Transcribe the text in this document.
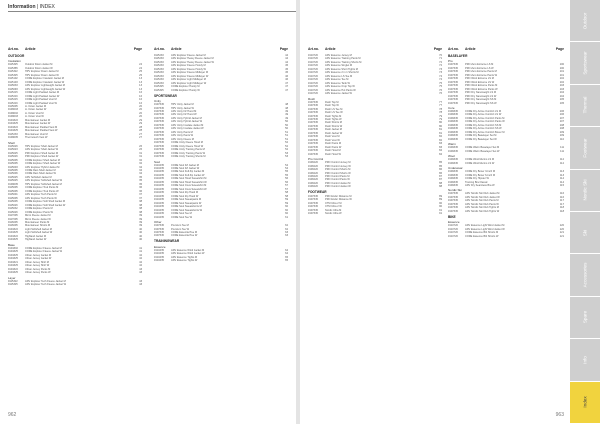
Information | INDEX
Art.no.	Article	Page
OUTDOOR
Insulation
9115325	Outdoor Down Jacket M	24
9115365	Outdoor Down Jacket W	24
9115322	HPV Explorer Down Jacket M	25
9115325	HPV Explorer Down Jacket W	25
9115102	CORE Explorer Insulator Jacket M	13
9115103	CORE Explorer Insulator Jacket W	13
9115033	ADV Explorer Lightweight Jacket M	13
9115093	ADV Explorer Lightweight Jacket W	13
9115215	CORE Light Padded Jacket M	16
9115216	CORE Light Padded Jacket W	16
9115215	CORE Light Padded Vest M	16
9115216	CORE Light Padded Vest W	16
9115005	Lt. Down Jacket M	20
9106003	Lt. Down Jacket W	20
9109002	Lt. Down Vest M	20
9109003	Lt. Down Vest W	20
9104322	Mountaineer Jacket M	29
9104325	Mountaineer Jacket W	29
9104322	Mountaineer Padded Vest M	28
9104325	Mountaineer Padded Vest W	28
9115233	Mountaineer Vest M	27
9109005	Thermotech Vest W	27
Shell
9115026	HPV Explorer Shell Jacket M	26
9115023	ADV Explorer Shell Jacket W	26
9115025	PRO Explorer Shell Jacket M	31
9115026	PRO Explorer Shell Jacket W	31
9115005	CORE Explorer Shell Jacket M	32
9115005	CORE Explorer Shell Jacket W	32
9115003	ADV Explorer Hybrid Jacket M	34
9115005	CORE Rain Shell Jacket M	34
9115006	CORE Rain Shell Jacket W	34
9115025	ADV Softshell Jacket M	35
9115025	ADV Explorer Softshell Jacket W	35
9109005	HPV Explorer Softshell Jacket M	35
9115005	CORE Explorer Trek Pants M	36
9115005	CORE Explorer Trek Pants W	36
9115001	ADV Explorer Tech Pants M	37
9115005	ADV Explorer Tech Pants W	37
9115005	CORE Explorer Soft Shell Jacket M	38
9115026	CORE Explorer Soft Shell Jacket W	38
9115032	CORE Explorer Pants M	38
9115026	CORE Explorer Pants W	38
9117005	Micro Fleece Jacket M	39
9117005	Micro Fleece Jacket W	39
9116005	Mountaineer Pants M	39
9116005	Mountaineer Shorts M	39
9104322	Light Softshell Jacket M	40
9104325	Light Softshell Jacket W	40
9104322	Highland Jacket M	40
9104325	Highland Jacket W	40
Base
9104302	CORE Explorer Fleece Jacket M	41
9104325	CORE Explorer Fleece Jacket W	41
9104325	Urban Jersey Jacket M	42
9104325	Urban Jersey Jacket W	42
9104321	Urban Jersey Shirt M	42
9104325	Urban Jersey Shirt W	42
9104322	Urban Jersey Pants M	43
9104325	Urban Jersey Pants W	43
Layer
9115322	ADV Explorer Tech Fleece Jacket M	43
9115325	ADV Explorer Tech Fleece Jacket W	43
Art.no.	Article	Page
9115233	ADV Explorer Fleece Jacket M	44
9115233	ADV Explorer Heavy Fleece Jacket M	44
9115233	ADV Explorer Heavy Fleece Jacket W	44
9115233	ADV Explorer Fleece Hoody M	45
9115233	ADV Explorer Fleece Hoody W	45
9115233	ADV Explorer Fleece Midlayer M	45
9115233	ADV Explorer Fleece Midlayer W	46
9115233	ADV Explorer Light Midlayer M	46
9115233	ADV Explorer Light Midlayer W	47
9115325	CORE Explorer Hoody M	47
9115325	CORE Explorer Hoody W	47
SPORTSWEAR
Unity
1907345	HPV Unity Jacket M	48
1907345	HPV Unity Jacket W	48
1907345	ADV Unity FZ Hood M	49
1907345	ADV Unity FZ Hood W	49
1907345	ADV Unity Hybrid Jacket M	49
1907345	ADV Unity Hybrid Jacket W	50
1907345	ADV Unity Insulate Jacket M	50
1907345	ADV Unity Insulate Jacket W	50
1907345	ADV Unity Pants M	51
1907345	ADV Unity Pants W	51
1907345	ADV Unity Fleece M	51
1907345	CORE Unity Fleece Hood M	52
1907345	CORE Unity Fleece Hood W	52
1907345	CORE Unity Training Pants M	52
1907345	CORE Unity Training Pants W	53
1907345	CORE Unity Training Shorts M	53
Soul
1910435	CORE Soul FZ Jacket M	54
1910435	CORE Soul FZ Jacket W	54
1910435	CORE Soul Full Zip Jacket M	55
1910435	CORE Soul Full Zip Jacket W	55
1910435	CORE Soul Hood Sweatshirt M	56
1910435	CORE Soul Hood Sweatshirt W	56
1910435	CORE Soul Crew Sweatshirt M	57
1910435	CORE Soul Crew Sweatshirt W	57
1910435	CORE Soul Zip Hood M	58
1910435	CORE Soul Zip Hood W	58
1910435	CORE Soul Sweatpants M	59
1910435	CORE Soul Sweatpants W	59
1910435	CORE Soul Sweatshorts M	60
1910435	CORE Soul Sweatshorts W	60
1910435	CORE Soul Tee M	60
1910435	CORE Soul Tee W	61
Other
1907345	Premium Tee M	62
1907345	Premium Tee W	62
1907345	CORE Essential Tee M	63
1907345	CORE Essential Tee W	63
TRAININGWEAR
Essence
1910435	ADV Essence Wind Jacket M	64
1910435	ADV Essence Wind Jacket W	64
1910435	ADV Essence Tights M	65
1910435	ADV Essence Tights W	65
962
Art.no.	Article	Page
1910720	ADV Essence Jersey M	70
1910720	ADV Essence Training Pants M	71
1910720	ADV Essence Training Shorts M	72
1910720	ADV Essence Singlet M	72
1910720	ADV Essence Short Tights M	73
1910720	ADV Essence 2 in 1 Shorts M	73
1910720	ADV Essence LS Tee M	74
1910720	ADV Essence Tee M	74
1910720	ADV Essence Tank W	75
1910720	ADV Essence Crop Top W	75
1910720	ADV Essence Hot Pants W	76
1910720	ADV Essence Jacket W	76
Rush
1907345	Rush Top M	77
1907345	Rush Top W	77
1907345	Rush LS Tee M	78
1907345	Rush LS Tee W	78
1907345	Rush Tights M	79
1907345	Rush Tights W	79
1907345	Rush Shorts M	80
1907345	Rush Shorts W	80
1907345	Rush Jacket M	81
1907345	Rush Jacket W	81
1907345	Rush Vest M	82
1907345	Rush Vest W	82
1907345	Rush Pants M	83
1907345	Rush Pants W	83
1907345	Rush Hood M	84
1907345	Rush Hood W	84
Pro Control
1906220	PRO Control Jersey M	85
1906220	PRO Control Jersey W	85
1906220	PRO Control Shorts M	86
1906220	PRO Control Shorts W	86
1906220	PRO Control Pants M	87
1906220	PRO Control Pants W	87
1906220	PRO Control Jacket M	88
1906220	PRO Control Jacket W	88
FOOTWEAR
1907345	PRO Endur Distance M	89
1907345	PRO Endur Distance W	89
1907345	CTM Ultra 2 M	90
1907345	CTM Ultra 2 W	90
1907345	Nordic Ultra M	91
1907345	Nordic Ultra W	91
Art.no.	Article	Page
BASELAYER
Pro
1907345	PRO Zero Extreme LS M	100
1907345	PRO Zero Extreme LS W	100
1907345	PRO Zero Extreme Pants M	101
1907345	PRO Zero Extreme Pants W	101
1907345	PRO Wool Extreme LS M	102
1907345	PRO Wool Extreme LS W	102
1907345	PRO Wool Extreme Pants M	103
1907345	PRO Wool Extreme Pants W	103
1907345	PRO Dry Nanoweight LS M	104
1907345	PRO Dry Nanoweight LS W	104
1907345	PRO Dry Nanoweight SS M	105
1907345	PRO Dry Nanoweight SS W	105
Core
1909345	CORE Dry Active Comfort LS M	106
1909345	CORE Dry Active Comfort LS W	106
1909345	CORE Dry Active Comfort Pants M	107
1909345	CORE Dry Active Comfort Pants W	107
1909345	CORE Dry Active Comfort SS M	108
1909345	CORE Dry Active Comfort SS W	108
1909345	CORE Dry Active Comfort Boxer M	109
1909345	CORE Dry Baselayer Set M	109
1909345	CORE Dry Baselayer Set W	110
Warm
1909345	CORE Warm Baselayer Set M	111
1909345	CORE Warm Baselayer Set W	111
Wool
1909345	CORE Wool Merino LS M	112
1909345	CORE Wool Merino LS W	112
Underwear
1909345	CORE Dry Boxer 3-Inch M	113
1909345	CORE Dry Boxer 6-Inch M	113
1909345	CORE Dry Hipster W	114
1909345	Training Bra Classic	114
1909345	ADV Dry Seamless Bra W	115
Nordic Ski
1907345	ADV Nordic Ski Club Jacket M	116
1907345	ADV Nordic Ski Club Jacket W	116
1907345	ADV Nordic Ski Club Pants M	117
1907345	ADV Nordic Ski Club Pants W	117
1907345	ADV Nordic Ski Club Tights M	118
1907345	ADV Nordic Ski Club Tights W	118
BIKE
Essence
1910720	ADV Essence Light Wind Jacket M	120
1910720	ADV Essence Light Wind Jacket W	120
1910720	CORE Essence Bib Shorts M	121
1910720	CORE Essence Bib Shorts W	121
963
Outdoor
Sportswear
Thermal
Footwear
Nordic Ski
Ski
Accessories
Spare
Info
Index
